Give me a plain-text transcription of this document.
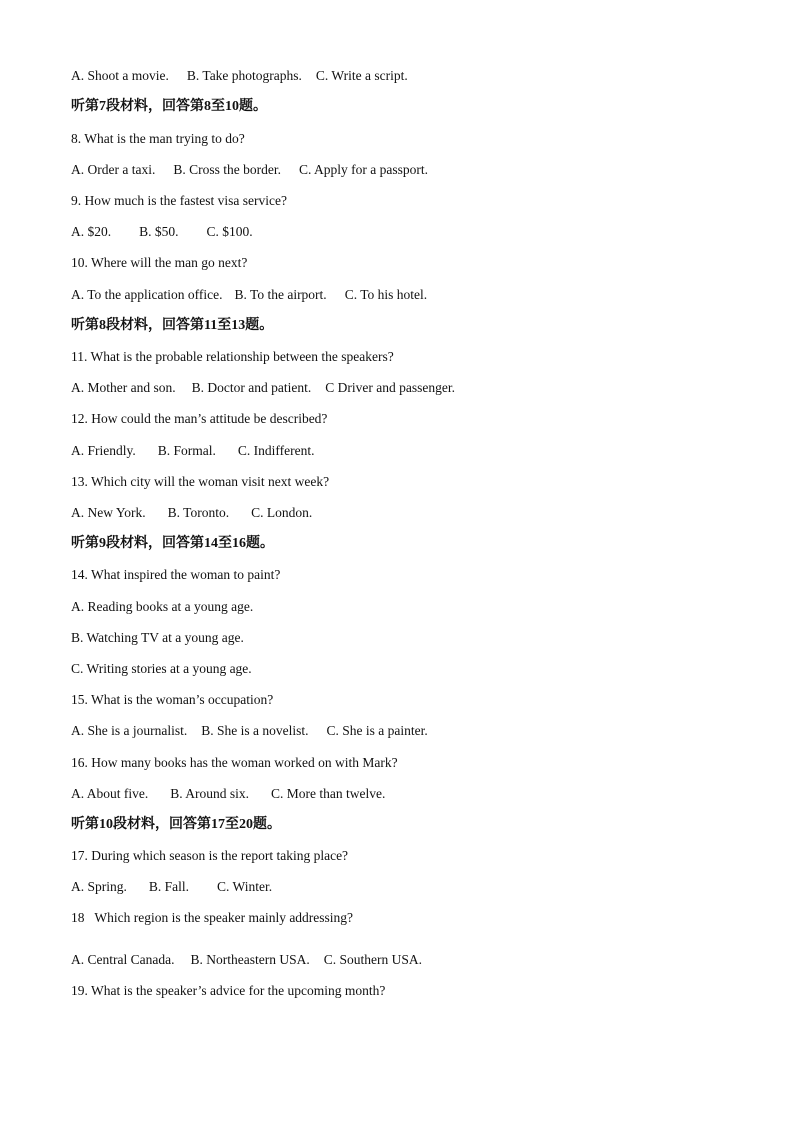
A. Shoot a movie. B. Take photographs. C. Write a script.
听第7段材料，回答第8至10题。
8. What is the man trying to do?
A. Order a taxi. B. Cross the border. C. Apply for a passport.
9. How much is the fastest visa service?
A. $20. B. $50. C. $100.
10. Where will the man go next?
A. To the application office. B. To the airport. C. To his hotel.
听第8段材料，回答第11至13题。
11. What is the probable relationship between the speakers?
A. Mother and son. B. Doctor and patient. C Driver and passenger.
12. How could the man’s attitude be described?
A. Friendly. B. Formal. C. Indifferent.
13. Which city will the woman visit next week?
A. New York. B. Toronto. C. London.
听第9段材料，回答第14至16题。
14. What inspired the woman to paint?
A. Reading books at a young age.
B. Watching TV at a young age.
C. Writing stories at a young age.
15. What is the woman’s occupation?
A. She is a journalist. B. She is a novelist. C. She is a painter.
16. How many books has the woman worked on with Mark?
A. About five. B. Around six. C. More than twelve.
听第10段材料，回答第17至20题。
17. During which season is the report taking place?
A. Spring. B. Fall. C. Winter.
18   Which region is the speaker mainly addressing?
A. Central Canada. B. Northeastern USA. C. Southern USA.
19. What is the speaker’s advice for the upcoming month?
